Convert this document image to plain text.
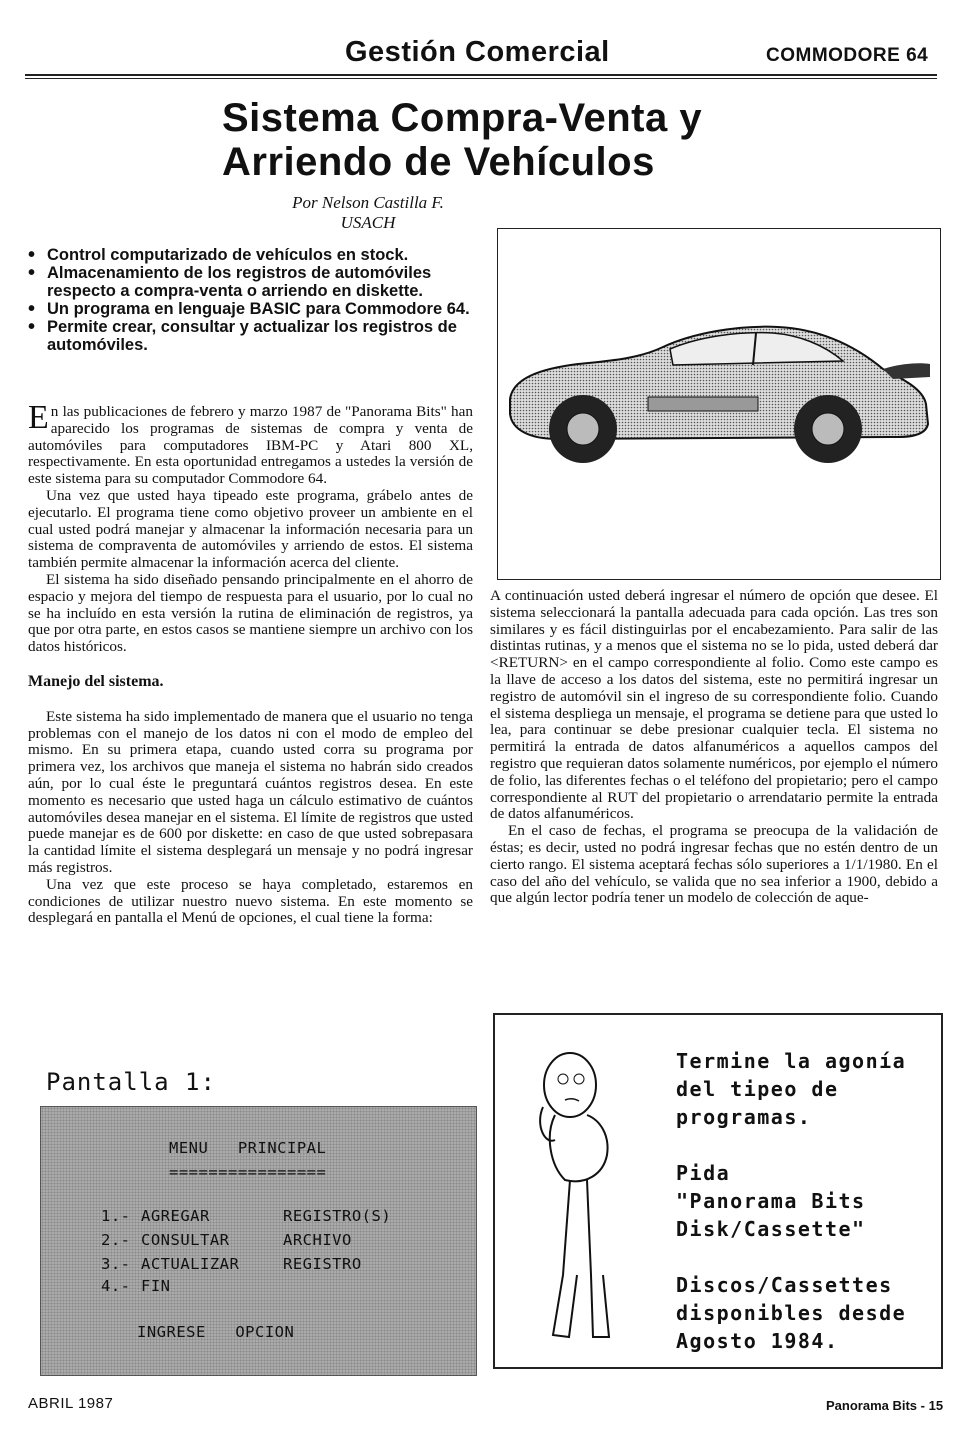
Gestión Comercial	COMMODORE 64
Sistema Compra-Venta y
Arriendo de Vehículos
Por Nelson Castilla F.
USACH
• Control computarizado de vehículos en stock.
• Almacenamiento de los registros de automóviles respecto a compra-venta o arriendo en diskette.
• Un programa en lenguaje BASIC para Commodore 64.
• Permite crear, consultar y actualizar los registros de automóviles.

En las publicaciones de febrero y marzo 1987 de "Panorama Bits" han aparecido los programas de sistemas de compra y venta de automóviles para computadores IBM-PC y Atari 800 XL, respectivamente. En esta oportunidad entregamos a ustedes la versión de este sistema para su computador Commodore 64.

Una vez que usted haya tipeado este programa, grábelo antes de ejecutarlo. El programa tiene como objetivo proveer un ambiente en el cual usted podrá manejar y almacenar la información necesaria para un sistema de compraventa de automóviles y arriendo de estos. El sistema también permite almacenar la información acerca del cliente.

El sistema ha sido diseñado pensando principalmente en el ahorro de espacio y mejora del tiempo de respuesta para el usuario, por lo cual no se ha incluído en esta versión la rutina de eliminación de registros, ya que por otra parte, en estos casos se mantiene siempre un archivo con los datos históricos.

Manejo del sistema.

Este sistema ha sido implementado de manera que el usuario no tenga problemas con el manejo de los datos ni con el modo de empleo del mismo. En su primera etapa, cuando usted corra su programa por primera vez, los archivos que maneja el sistema no habrán sido creados aún, por lo cual éste le preguntará cuántos registros desea. En este momento es necesario que usted haga un cálculo estimativo de cuántos automóviles desea manejar en el sistema. El límite de registros que usted puede manejar es de 600 por diskette: en caso de que usted sobrepasara la cantidad límite el sistema desplegará un mensaje y no podrá ingresar más registros.

Una vez que este proceso se haya completado, estaremos en condiciones de utilizar nuestro nuevo sistema. En este momento se desplegará en pantalla el Menú de opciones, el cual tiene la forma:

A continuación usted deberá ingresar el número de opción que desee. El sistema seleccionará la pantalla adecuada para cada opción. Las tres son similares y es fácil distinguirlas por el encabezamiento. Para salir de las distintas rutinas, y a menos que el sistema no se lo pida, usted deberá dar <RETURN> en el campo correspondiente al folio. Como este campo es la llave de acceso a los datos del sistema, este no permitirá ingresar un registro de automóvil sin el ingreso de su correspondiente folio. Cuando el sistema despliega un mensaje, el programa se detiene para que usted lo lea, para continuar se debe presionar cualquier tecla. El sistema no permitirá la entrada de datos alfanuméricos a aquellos campos del registro que requieran datos solamente numéricos, por ejemplo el número de folio, las diferentes fechas o el teléfono del propietario; pero el campo correspondiente al RUT del propietario o arrendatario permite la entrada de datos alfanuméricos.

En el caso de fechas, el programa se preocupa de la validación de éstas; es decir, usted no podrá ingresar fechas que no estén dentro de un cierto rango. El sistema aceptará fechas sólo superiores a 1/1/1980. En el caso del año del vehículo, se valida que no sea inferior a 1900, debido a que algún lector podría tener un modelo de colección de aque-

Pantalla 1:
MENU   PRINCIPAL
================
1.- AGREGAR	REGISTRO(S)
2.- CONSULTAR	ARCHIVO
3.- ACTUALIZAR	REGISTRO
4.- FIN
INGRESE   OPCION
Termine la agonía
del tipeo de
programas.
Pida
"Panorama Bits
Disk/Cassette"
Discos/Cassettes
disponibles desde
Agosto 1984.
ABRIL 1987	Panorama Bits - 15
